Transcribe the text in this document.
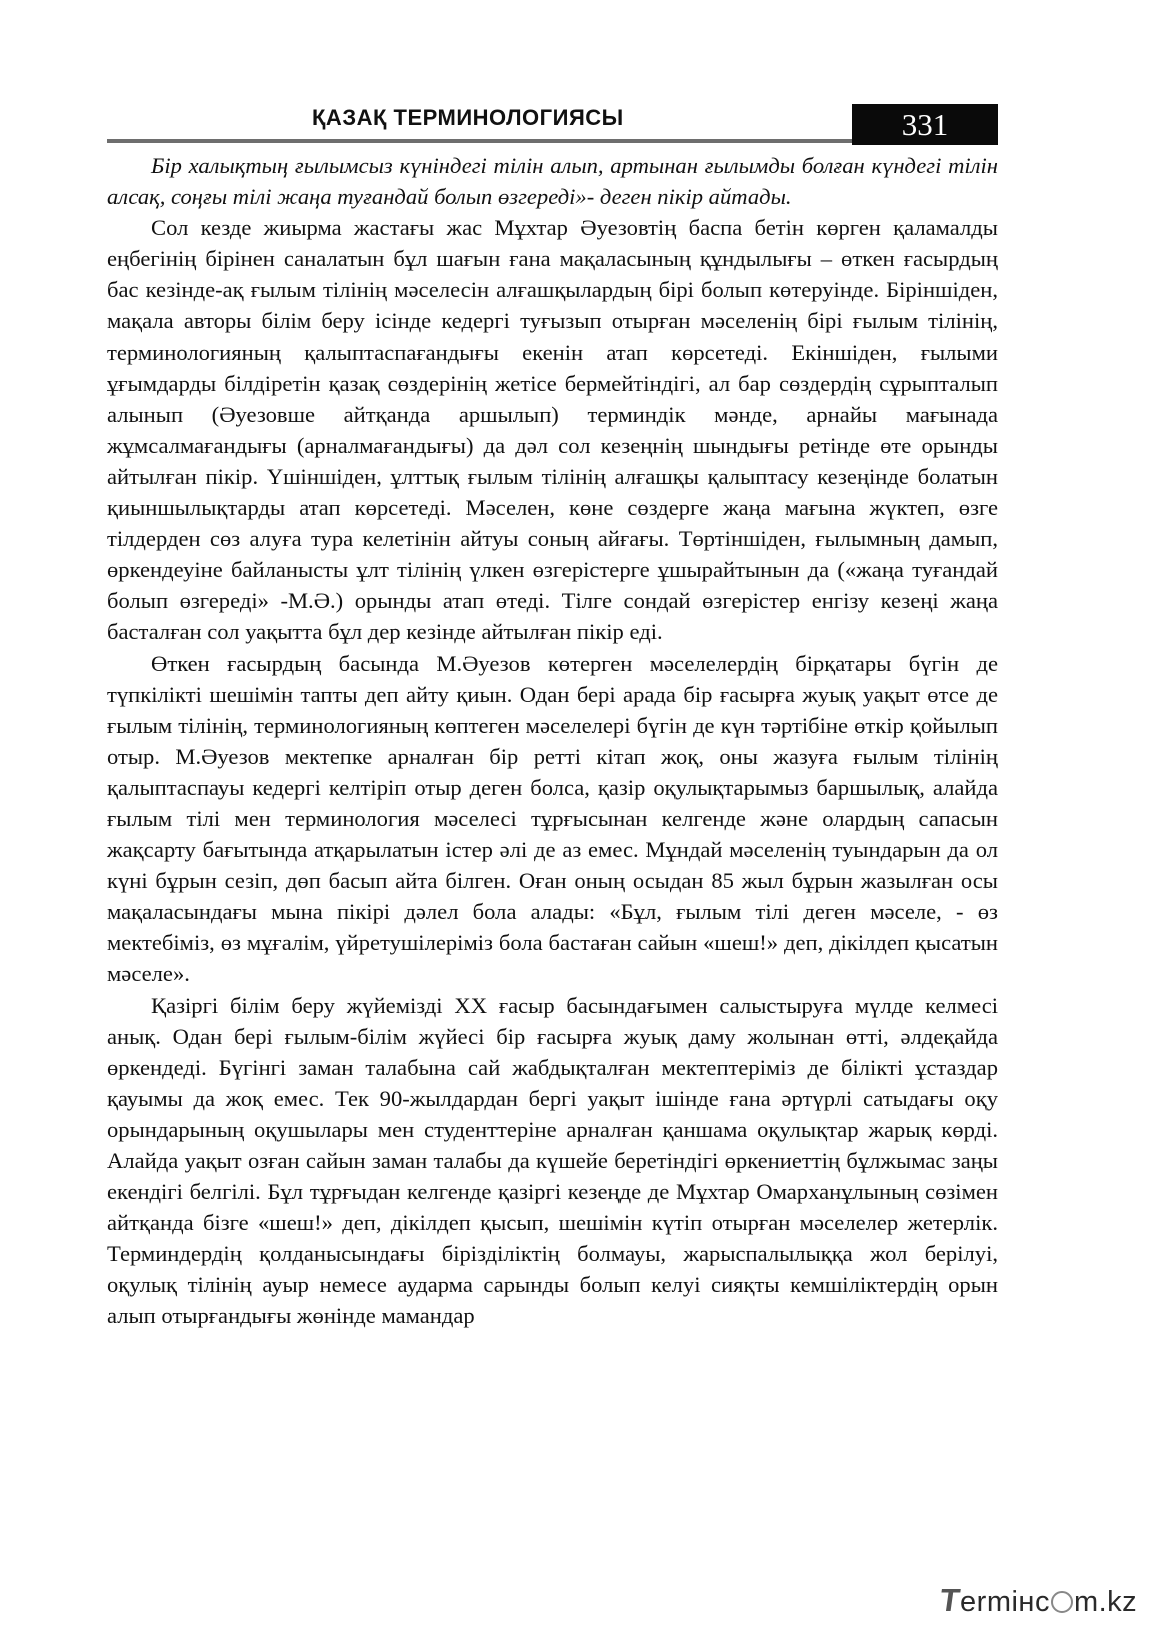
ҚАЗАҚ ТЕРМИНОЛОГИЯСЫ	331

Бір халықтың ғылымсыз күніндегі тілін алып, артынан ғылымды болған күндегі тілін алсақ, соңғы тілі жаңа туғандай болып өзгереді»- деген пікір айтады.

Сол кезде жиырма жастағы жас Мұхтар Әуезовтің баспа бетін көрген қаламалды еңбегінің бірінен саналатын бұл шағын ғана мақаласының құндылығы – өткен ғасырдың бас кезінде-ақ ғылым тілінің мәселесін алғашқылардың бірі болып көтеруінде. Біріншіден, мақала авторы білім беру ісінде кедергі туғызып отырған мәселенің бірі ғылым тілінің, терминологияның қалыптаспағандығы екенін атап көрсетеді. Екіншіден, ғылыми ұғымдарды білдіретін қазақ сөздерінің жетісе бермейтіндігі, ал бар сөздердің сұрыпталып алынып (Әуезовше айтқанда аршылып) терминдік мәнде, арнайы мағынада жұмсалмағандығы (арналмағандығы) да дәл сол кезеңнің шындығы ретінде өте орынды айтылған пікір. Үшіншіден, ұлттық ғылым тілінің алғашқы қалыптасу кезеңінде болатын қиыншылықтарды атап көрсетеді. Мәселен, көне сөздерге жаңа мағына жүктеп, өзге тілдерден сөз алуға тура келетінін айтуы соның айғағы. Төртіншіден, ғылымның дамып, өркендеуіне байланысты ұлт тілінің үлкен өзгерістерге ұшырайтынын да («жаңа туғандай болып өзгереді» -М.Ә.) орынды атап өтеді. Тілге сондай өзгерістер енгізу кезеңі жаңа басталған сол уақытта бұл дер кезінде айтылған пікір еді.

Өткен ғасырдың басында М.Әуезов көтерген мәселелердің бірқатары бүгін де түпкілікті шешімін тапты деп айту қиын. Одан бері арада бір ғасырға жуық уақыт өтсе де ғылым тілінің, терминологияның көптеген мәселелері бүгін де күн тәртібіне өткір қойылып отыр. М.Әуезов мектепке арналған бір ретті кітап жоқ, оны жазуға ғылым тілінің қалыптаспауы кедергі келтіріп отыр деген болса, қазір оқулықтарымыз баршылық, алайда ғылым тілі мен терминология мәселесі тұрғысынан келгенде және олардың сапасын жақсарту бағытында атқарылатын істер әлі де аз емес. Мұндай мәселенің туындарын да ол күні бұрын сезіп, дөп басып айта білген. Оған оның осыдан 85 жыл бұрын жазылған осы мақаласындағы мына пікірі дәлел бола алады: «Бұл, ғылым тілі деген мәселе, - өз мектебіміз, өз мұғалім, үйретушілеріміз бола бастаған сайын «шеш!» деп, дікілдеп қысатын мәселе».

Қазіргі білім беру жүйемізді ХХ ғасыр басындағымен салыстыруға мүлде келмесі анық. Одан бері ғылым-білім жүйесі бір ғасырға жуық даму жолынан өтті, әлдеқайда өркендеді. Бүгінгі заман талабына сай жабдықталған мектептеріміз де білікті ұстаздар қауымы да жоқ емес. Тек 90-жылдардан бергі уақыт ішінде ғана әртүрлі сатыдағы оқу орындарының оқушылары мен студенттеріне арналған қаншама оқулықтар жарық көрді. Алайда уақыт озған сайын заман талабы да күшейе беретіндігі өркениеттің бұлжымас заңы екендігі белгілі. Бұл тұрғыдан келгенде қазіргі кезеңде де Мұхтар Омарханұлының сөзімен айтқанда бізге «шеш!» деп, дікілдеп қысып, шешімін күтіп отырған мәселелер жетерлік. Терминдердің қолданысындағы бірізділіктің болмауы, жарыспалылыққа жол берілуі, оқулық тілінің ауыр немесе аударма сарынды болып келуі сияқты кемшіліктердің орын алып отырғандығы жөнінде мамандар

Termінc m.kz
